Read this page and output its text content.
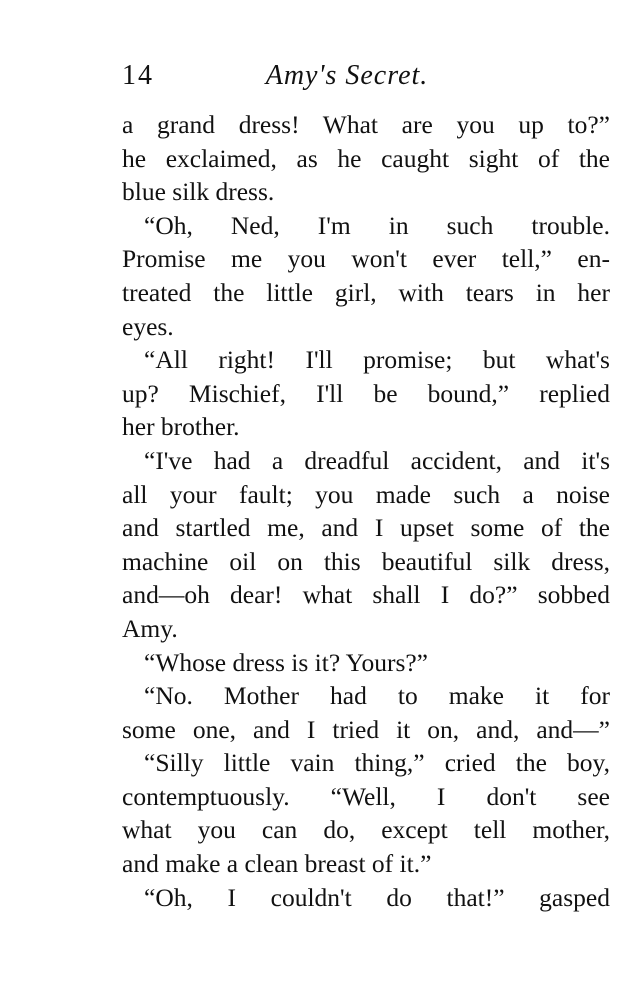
14	Amy's Secret.
a grand dress! What are you up to?”
he exclaimed, as he caught sight of the
blue silk dress.
“Oh, Ned, I'm in such trouble.
Promise me you won't ever tell,” en-
treated the little girl, with tears in her
eyes.
“All right! I'll promise; but what's
up? Mischief, I'll be bound,” replied
her brother.
“I've had a dreadful accident, and it's
all your fault; you made such a noise
and startled me, and I upset some of the
machine oil on this beautiful silk dress,
and—oh dear! what shall I do?” sobbed
Amy.
“Whose dress is it? Yours?”
“No. Mother had to make it for
some one, and I tried it on, and, and—”
“Silly little vain thing,” cried the boy,
contemptuously. “Well, I don't see
what you can do, except tell mother,
and make a clean breast of it.”
“Oh, I couldn't do that!” gasped
